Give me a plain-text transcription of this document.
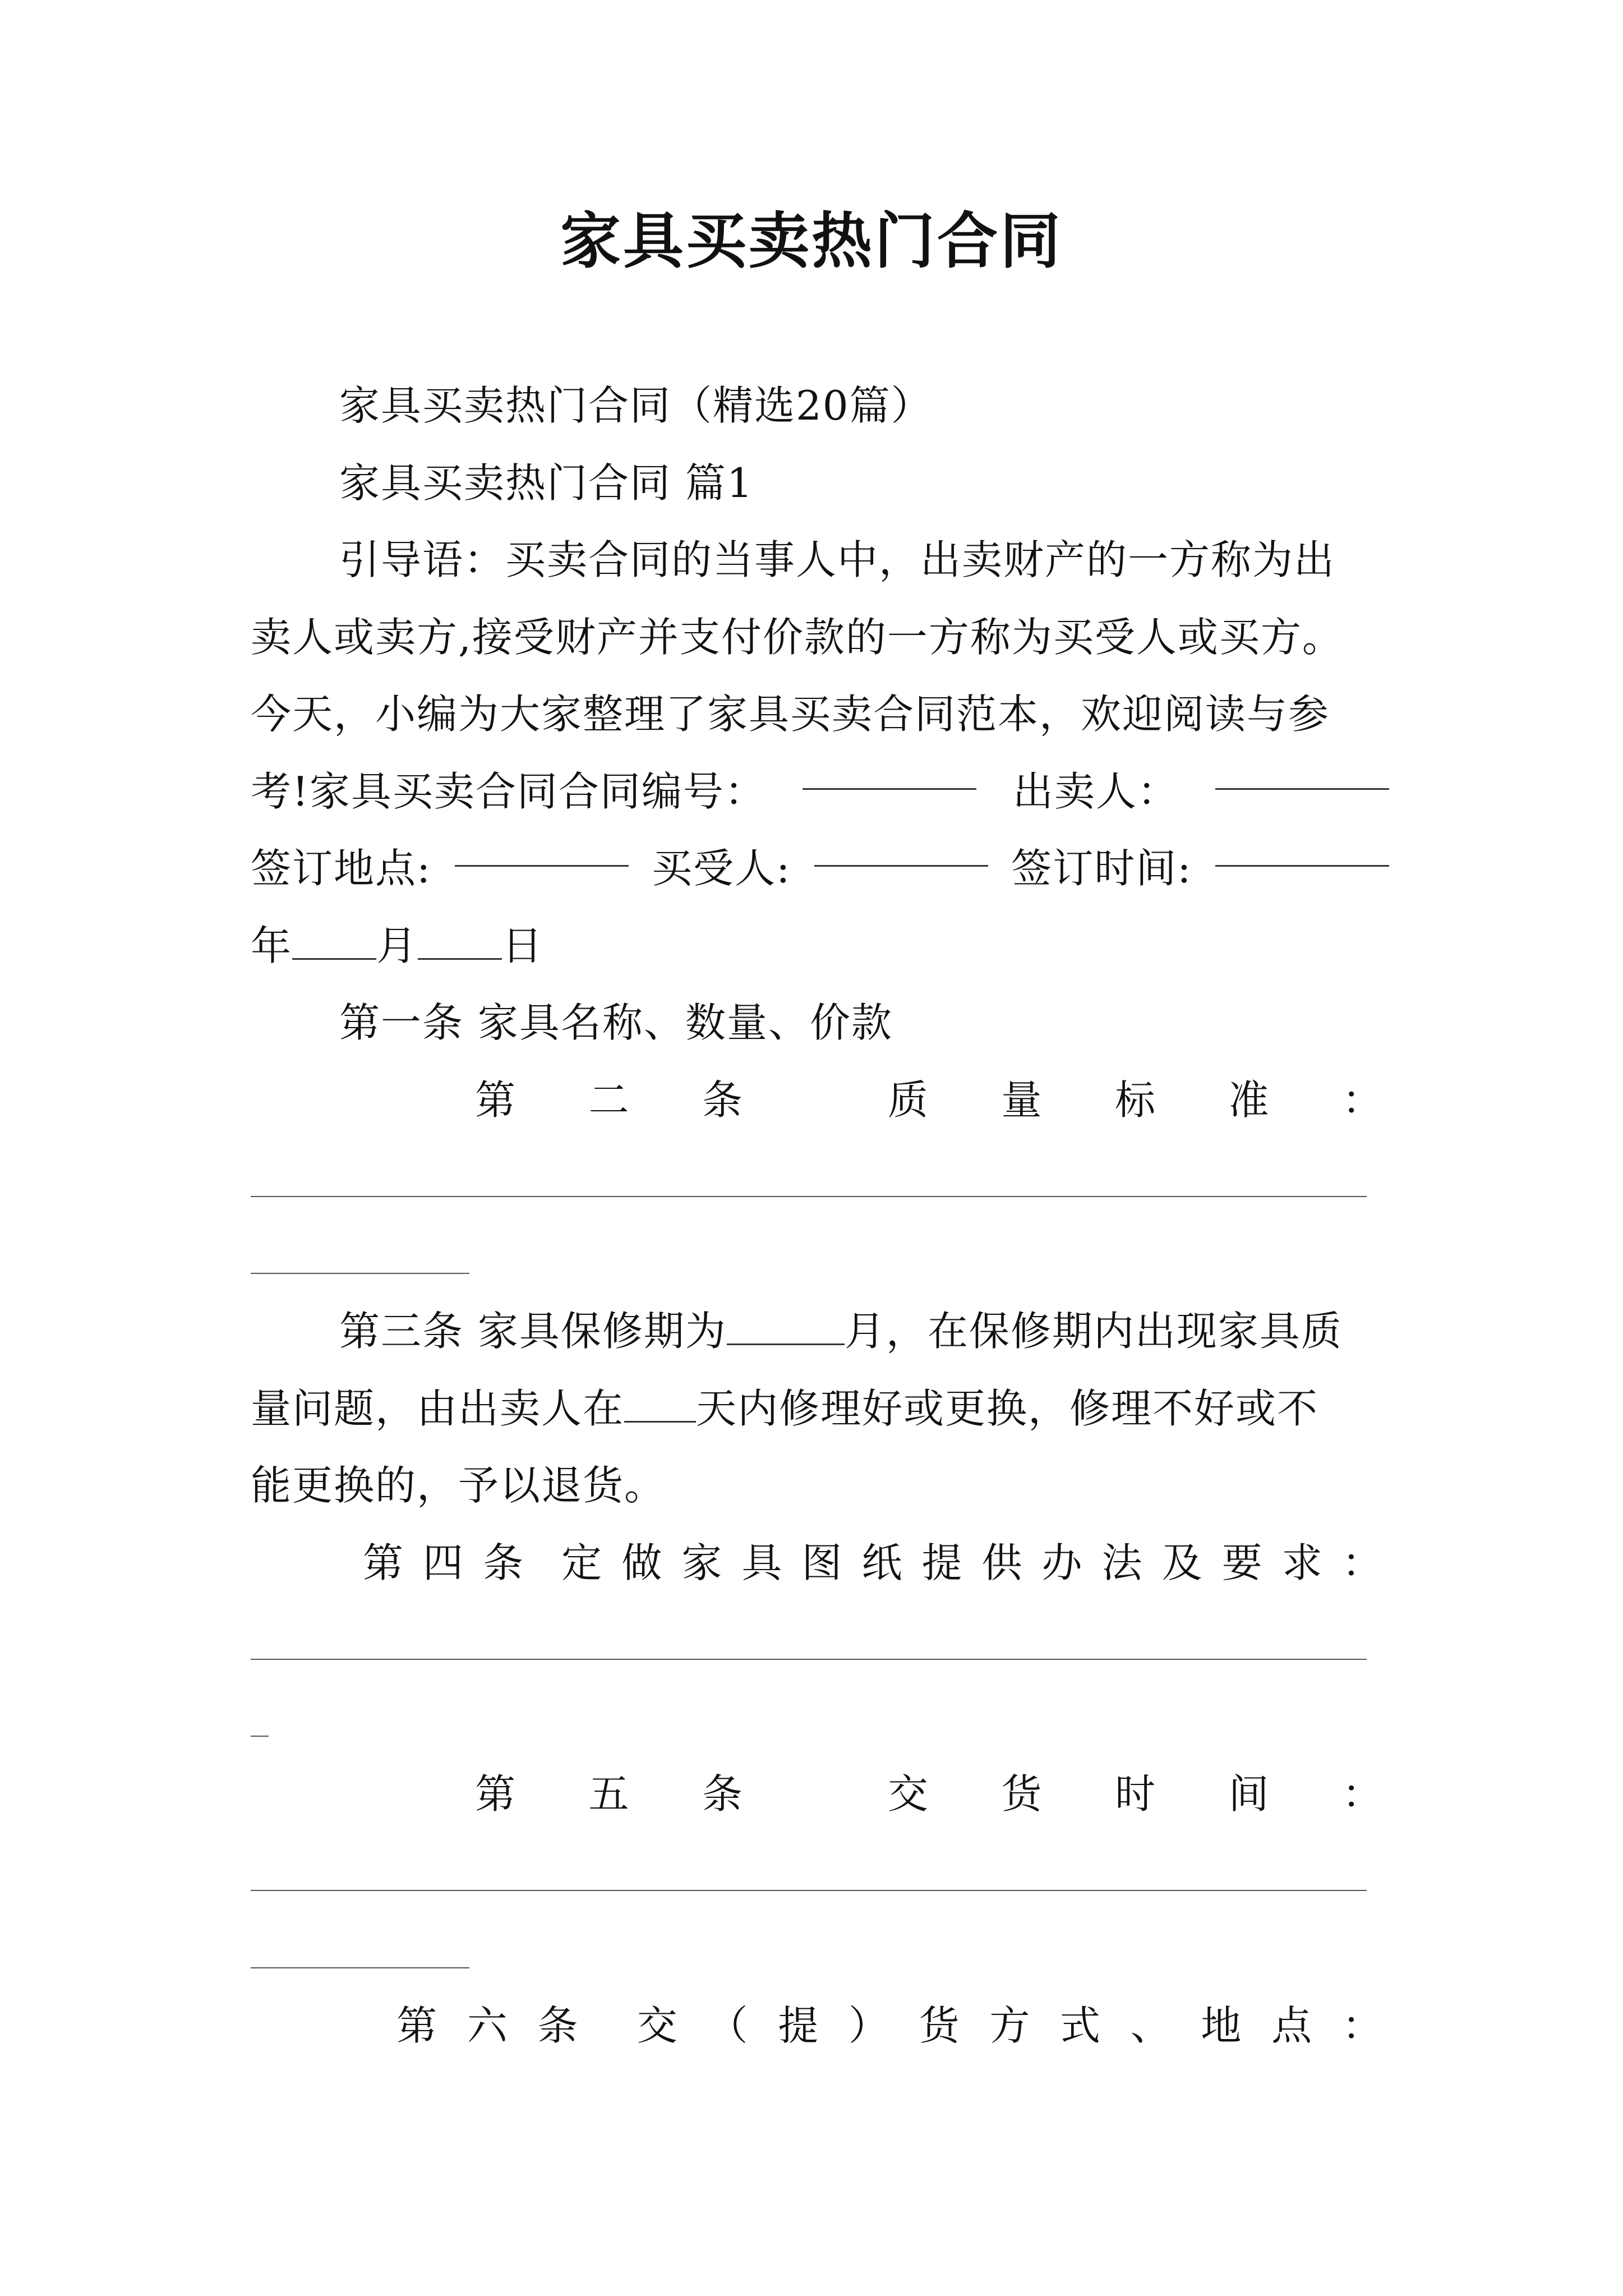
家具买卖热门合同
家具买卖热门合同（精选20篇）
家具买卖热门合同 篇1
引导语：买卖合同的当事人中，出卖财产的一方称为出
卖人或卖方,接受财产并支付价款的一方称为买受人或买方。
今天，小编为大家整理了家具买卖合同范本，欢迎阅读与参
考!家具买卖合同合同编号：	出卖人：
签订地点:	买受人:	签订时间:
年 月 日
第一条 家具名称、数量、价款
第 二 条	质 量 标 准 ：
第三条 家具保修期为	月，在保修期内出现家具质
量问题，由出卖人在 天内修理好或更换，修理不好或不
能更换的，予以退货。
第 四 条 定 做 家 具 图 纸 提 供 办 法 及 要 求 ：
第 五 条	交 货 时 间 ：
第 六 条 交 （ 提 ） 货 方 式 、 地 点 ：
